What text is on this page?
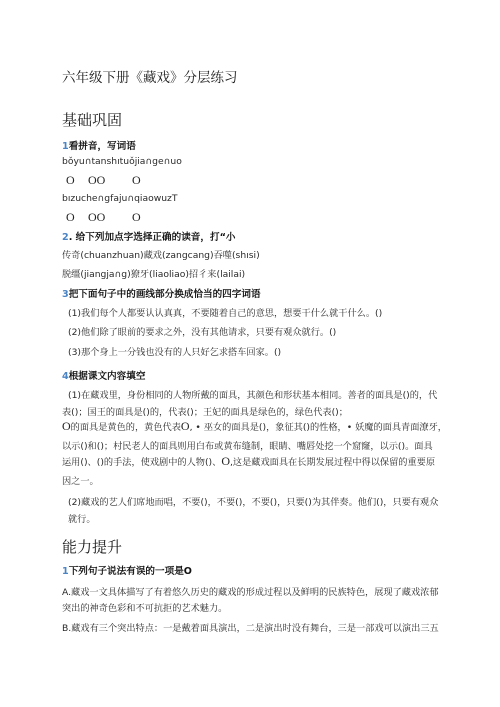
六年级下册《藏戏》分层练习
基础巩固
1看拼音，写词语
bǒyu∩tanshıtuǒjia∩ge∩uo
O OO O
bızuche∩gfaju∩qiaowuzT
O OO O
2. 给下列加点字选择正确的读音，打“小
传奇(chuanzhuan)藏戏(zangcang)吞噬(shısi)
脱缰(jiangja∩g)獠牙(liaoliao)招彳来(lailai)
3把下面句子中的画线部分换成恰当的四字词语
(1)我们每个人都要认认真真，不要随着自己的意思，想要干什么就干什么。()
(2)他们除了眼前的要求之外，没有其他请求，只要有观众就行。()
(3)那个身上一分钱也没有的人只好乞求搭车回家。()
4根据课文内容填空
(1)在藏戏里，身份相同的人物所戴的面具，其颜色和形状基本相同。善者的面具是()的，代
表()；国王的面具是()的，代表()；王妃的面具是绿色的，绿色代表()；
O的面具是黄色的，黄色代表O, • 巫女的面具是()，象征其()的性格，• 妖魔的面具青面潦牙，
以示()和()；村民老人的面具则用白布或黄布缝制，眼睛、嘴唇处挖一个窟窿，以示()。面具
运用()、()的手法，使戏剧中的人物()、O,这是藏戏面具在长期发展过程中得以保留的重要原
因之一。
(2)藏戏的艺人们席地而唱，不要()，不要()，不要()，只要()为其伴奏。他们()，只要有观众
就行。
能力提升
1下列句子说法有误的一项是O
A.藏戏一文具体描写了有着悠久历史的藏戏的形成过程以及鲜明的民族特色，展现了藏戏浓郁
突出的神奇色彩和不可抗拒的艺术魅力。
B.藏戏有三个突出特点：一是戴着面具演出，二是演出时没有舞台，三是一部戏可以演出三五
